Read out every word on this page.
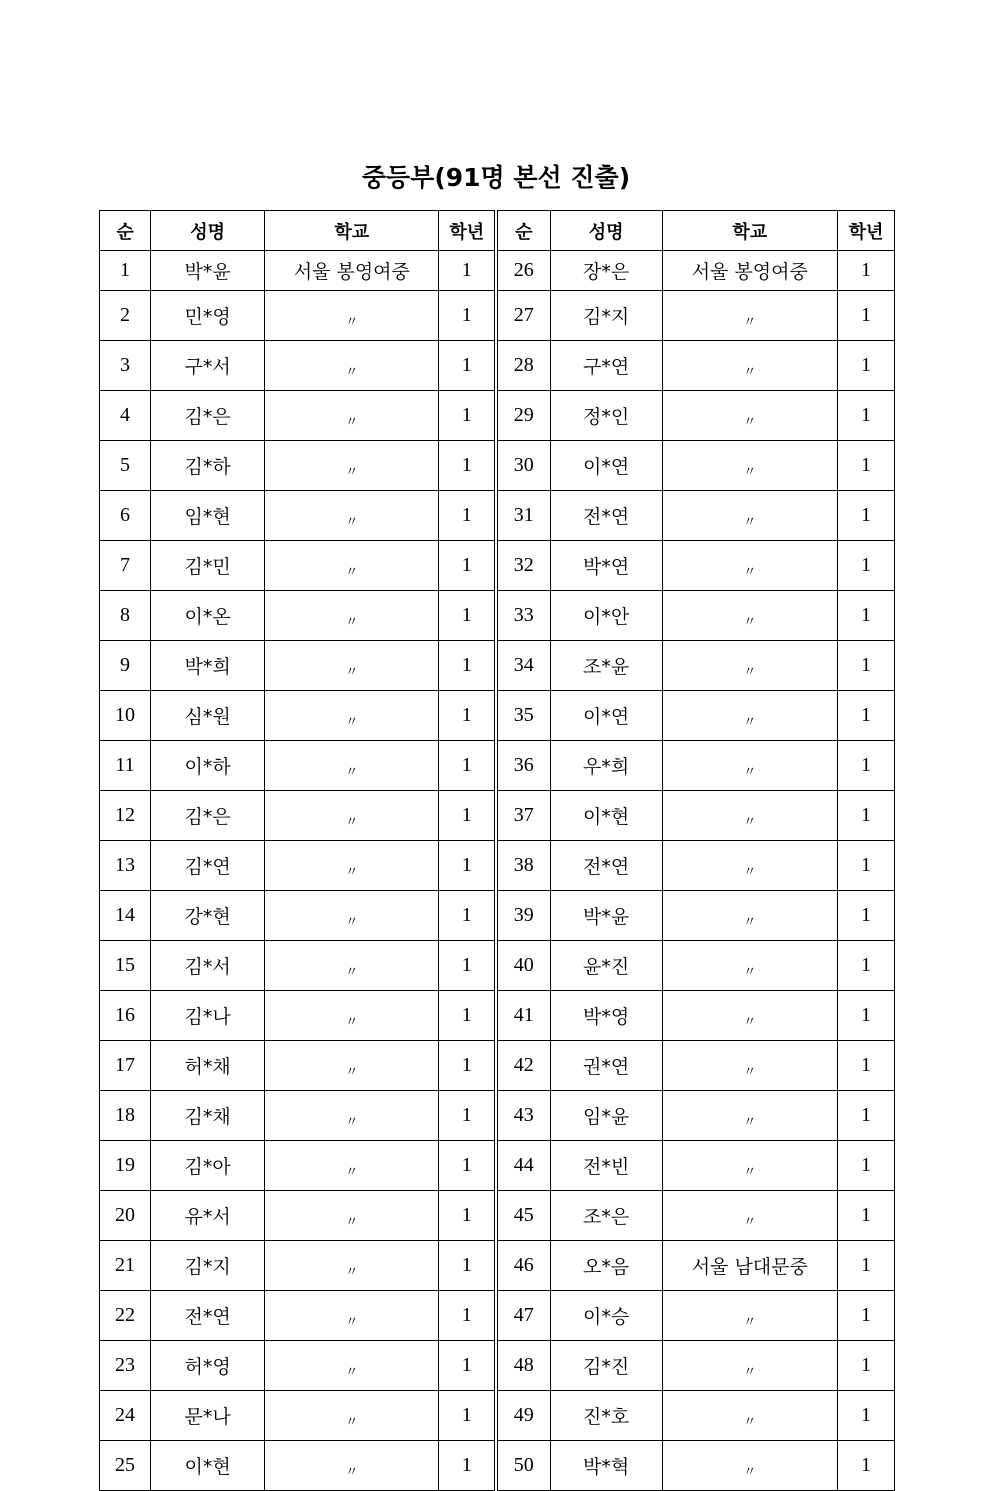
중등부(91명 본선 진출)
순	성명	학교	학년	순	성명	학교	학년
1	박*윤	서울 봉영여중	1	26	장*은	서울 봉영여중	1
2	민*영	〃	1	27	김*지	〃	1
3	구*서	〃	1	28	구*연	〃	1
4	김*은	〃	1	29	정*인	〃	1
5	김*하	〃	1	30	이*연	〃	1
6	임*현	〃	1	31	전*연	〃	1
7	김*민	〃	1	32	박*연	〃	1
8	이*온	〃	1	33	이*안	〃	1
9	박*희	〃	1	34	조*윤	〃	1
10	심*원	〃	1	35	이*연	〃	1
11	이*하	〃	1	36	우*희	〃	1
12	김*은	〃	1	37	이*현	〃	1
13	김*연	〃	1	38	전*연	〃	1
14	강*현	〃	1	39	박*윤	〃	1
15	김*서	〃	1	40	윤*진	〃	1
16	김*나	〃	1	41	박*영	〃	1
17	허*채	〃	1	42	권*연	〃	1
18	김*채	〃	1	43	임*윤	〃	1
19	김*아	〃	1	44	전*빈	〃	1
20	유*서	〃	1	45	조*은	〃	1
21	김*지	〃	1	46	오*음	서울 남대문중	1
22	전*연	〃	1	47	이*승	〃	1
23	허*영	〃	1	48	김*진	〃	1
24	문*나	〃	1	49	진*호	〃	1
25	이*현	〃	1	50	박*혁	〃	1
